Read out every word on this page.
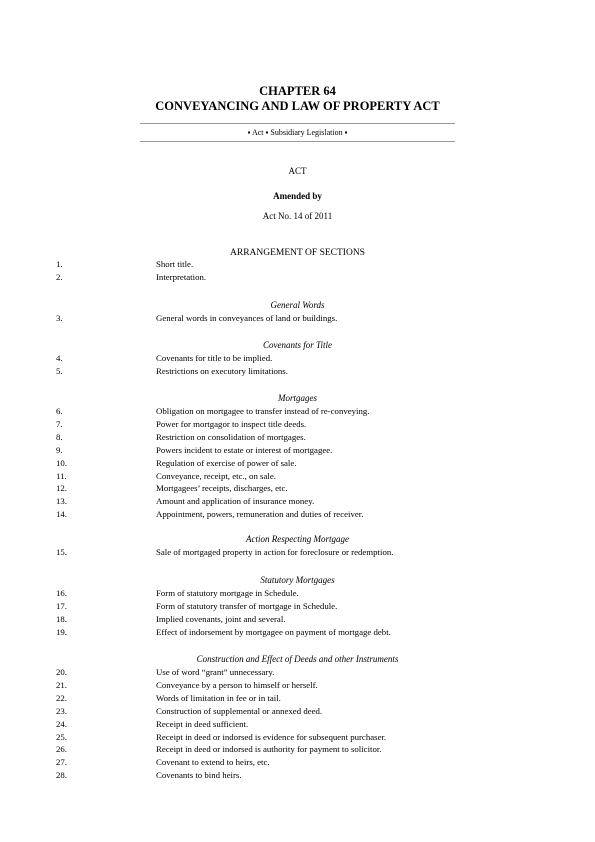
CHAPTER 64
CONVEYANCING AND LAW OF PROPERTY ACT
▪ Act ▪ Subsidiary Legislation ▪
ACT
Amended by
Act No. 14 of 2011
ARRANGEMENT OF SECTIONS
1.	Short title.
2.	Interpretation.
General Words
3.	General words in conveyances of land or buildings.
Covenants for Title
4.	Covenants for title to be implied.
5.	Restrictions on executory limitations.
Mortgages
6.	Obligation on mortgagee to transfer instead of re-conveying.
7.	Power for mortgagor to inspect title deeds.
8.	Restriction on consolidation of mortgages.
9.	Powers incident to estate or interest of mortgagee.
10.	Regulation of exercise of power of sale.
11.	Conveyance, receipt, etc., on sale.
12.	Mortgagees’ receipts, discharges, etc.
13.	Amount and application of insurance money.
14.	Appointment, powers, remuneration and duties of receiver.
Action Respecting Mortgage
15.	Sale of mortgaged property in action for foreclosure or redemption.
Statutory Mortgages
16.	Form of statutory mortgage in Schedule.
17.	Form of statutory transfer of mortgage in Schedule.
18.	Implied covenants, joint and several.
19.	Effect of indorsement by mortgagee on payment of mortgage debt.
Construction and Effect of Deeds and other Instruments
20.	Use of word “grant” unnecessary.
21.	Conveyance by a person to himself or herself.
22.	Words of limitation in fee or in tail.
23.	Construction of supplemental or annexed deed.
24.	Receipt in deed sufficient.
25.	Receipt in deed or indorsed is evidence for subsequent purchaser.
26.	Receipt in deed or indorsed is authority for payment to solicitor.
27.	Covenant to extend to heirs, etc.
28.	Covenants to bind heirs.
